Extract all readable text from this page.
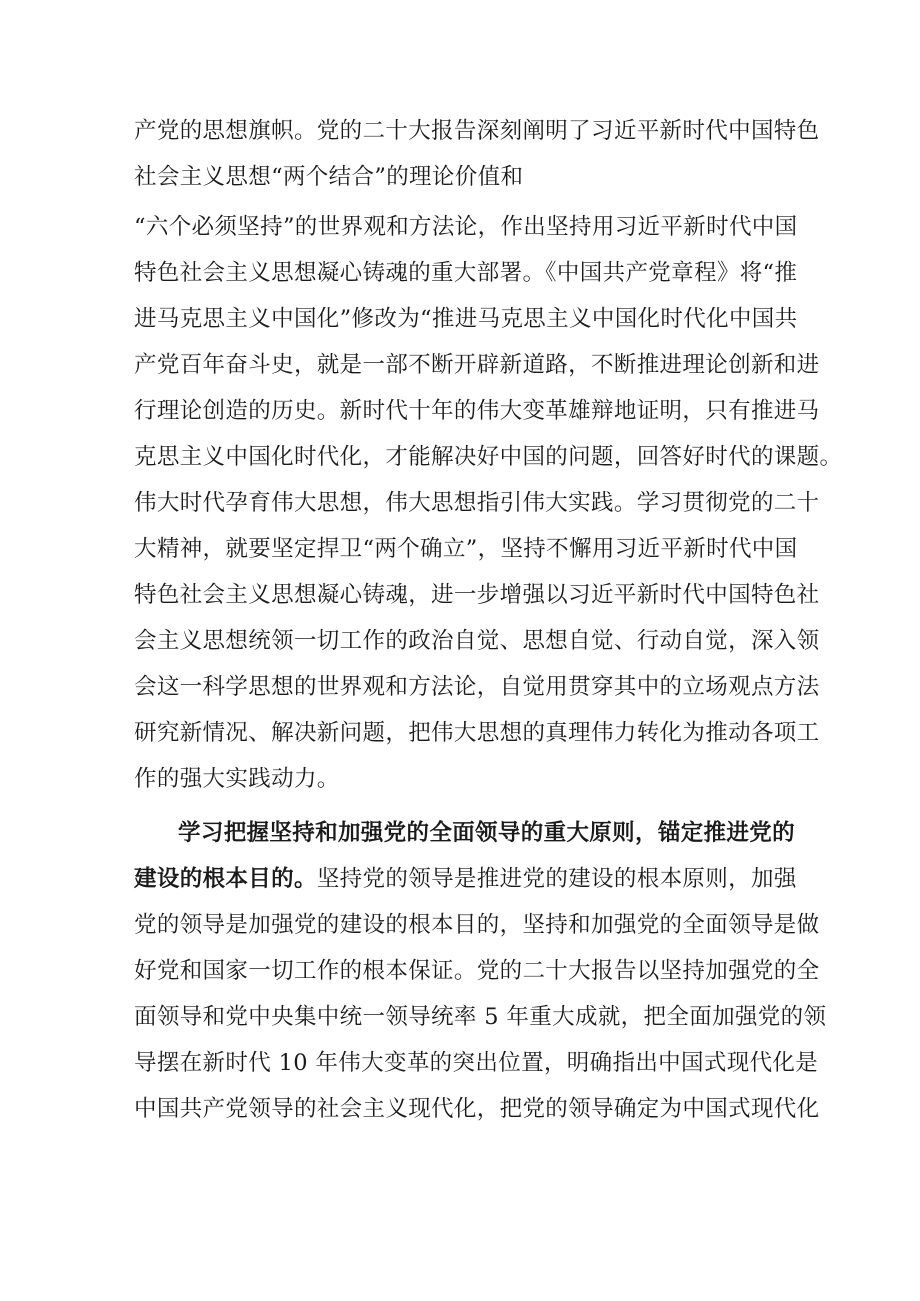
产党的思想旗帜。党的二十大报告深刻阐明了习近平新时代中国特色
社会主义思想“两个结合”的理论价值和
“六个必须坚持”的世界观和方法论，作出坚持用习近平新时代中国
特色社会主义思想凝心铸魂的重大部署。《中国共产党章程》将“推
进马克思主义中国化”修改为“推进马克思主义中国化时代化中国共
产党百年奋斗史，就是一部不断开辟新道路，不断推进理论创新和进
行理论创造的历史。新时代十年的伟大变革雄辩地证明，只有推进马
克思主义中国化时代化，才能解决好中国的问题，回答好时代的课题。
伟大时代孕育伟大思想，伟大思想指引伟大实践。学习贯彻党的二十
大精神，就要坚定捍卫“两个确立”，坚持不懈用习近平新时代中国
特色社会主义思想凝心铸魂，进一步增强以习近平新时代中国特色社
会主义思想统领一切工作的政治自觉、思想自觉、行动自觉，深入领
会这一科学思想的世界观和方法论，自觉用贯穿其中的立场观点方法
研究新情况、解决新问题，把伟大思想的真理伟力转化为推动各项工
作的强大实践动力。
学习把握坚持和加强党的全面领导的重大原则，锚定推进党的
建设的根本目的。坚持党的领导是推进党的建设的根本原则，加强
党的领导是加强党的建设的根本目的，坚持和加强党的全面领导是做
好党和国家一切工作的根本保证。党的二十大报告以坚持加强党的全
面领导和党中央集中统一领导统率 5 年重大成就，把全面加强党的领
导摆在新时代 10 年伟大变革的突出位置，明确指出中国式现代化是
中国共产党领导的社会主义现代化，把党的领导确定为中国式现代化
